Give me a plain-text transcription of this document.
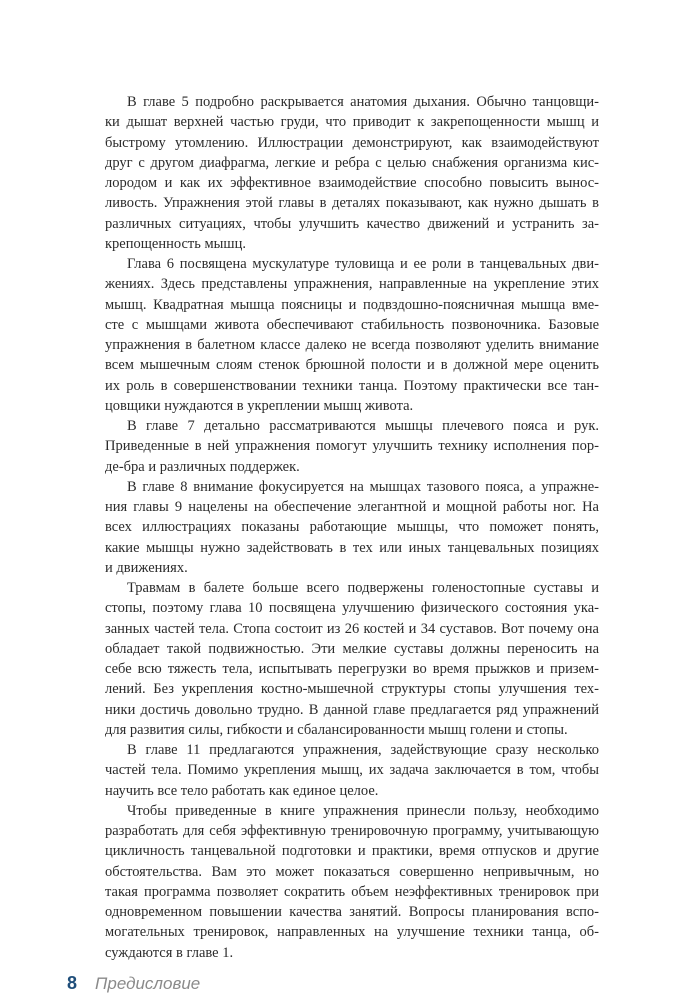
В главе 5 подробно раскрывается анатомия дыхания. Обычно танцовщи-
ки дышат верхней частью груди, что приводит к закрепощенности мышц и
быстрому утомлению. Иллюстрации демонстрируют, как взаимодействуют
друг с другом диафрагма, легкие и ребра с целью снабжения организма кис-
лородом и как их эффективное взаимодействие способно повысить вынос-
ливость. Упражнения этой главы в деталях показывают, как нужно дышать в
различных ситуациях, чтобы улучшить качество движений и устранить за-
крепощенность мышц.
Глава 6 посвящена мускулатуре туловища и ее роли в танцевальных дви-
жениях. Здесь представлены упражнения, направленные на укрепление этих
мышц. Квадратная мышца поясницы и подвздошно-поясничная мышца вме-
сте с мышцами живота обеспечивают стабильность позвоночника. Базовые
упражнения в балетном классе далеко не всегда позволяют уделить внимание
всем мышечным слоям стенок брюшной полости и в должной мере оценить
их роль в совершенствовании техники танца. Поэтому практически все тан-
цовщики нуждаются в укреплении мышц живота.
В главе 7 детально рассматриваются мышцы плечевого пояса и рук.
Приведенные в ней упражнения помогут улучшить технику исполнения пор-
де-бра и различных поддержек.
В главе 8 внимание фокусируется на мышцах тазового пояса, а упражне-
ния главы 9 нацелены на обеспечение элегантной и мощной работы ног. На
всех иллюстрациях показаны работающие мышцы, что поможет понять,
какие мышцы нужно задействовать в тех или иных танцевальных позициях
и движениях.
Травмам в балете больше всего подвержены голеностопные суставы и
стопы, поэтому глава 10 посвящена улучшению физического состояния ука-
занных частей тела. Стопа состоит из 26 костей и 34 суставов. Вот почему она
обладает такой подвижностью. Эти мелкие суставы должны переносить на
себе всю тяжесть тела, испытывать перегрузки во время прыжков и призем-
лений. Без укрепления костно-мышечной структуры стопы улучшения тех-
ники достичь довольно трудно. В данной главе предлагается ряд упражнений
для развития силы, гибкости и сбалансированности мышц голени и стопы.
В главе 11 предлагаются упражнения, задействующие сразу несколько
частей тела. Помимо укрепления мышц, их задача заключается в том, чтобы
научить все тело работать как единое целое.
Чтобы приведенные в книге упражнения принесли пользу, необходимо
разработать для себя эффективную тренировочную программу, учитывающую
цикличность танцевальной подготовки и практики, время отпусков и другие
обстоятельства. Вам это может показаться совершенно непривычным, но
такая программа позволяет сократить объем неэффективных тренировок при
одновременном повышении качества занятий. Вопросы планирования вспо-
могательных тренировок, направленных на улучшение техники танца, об-
суждаются в главе 1.
8 Предисловие
